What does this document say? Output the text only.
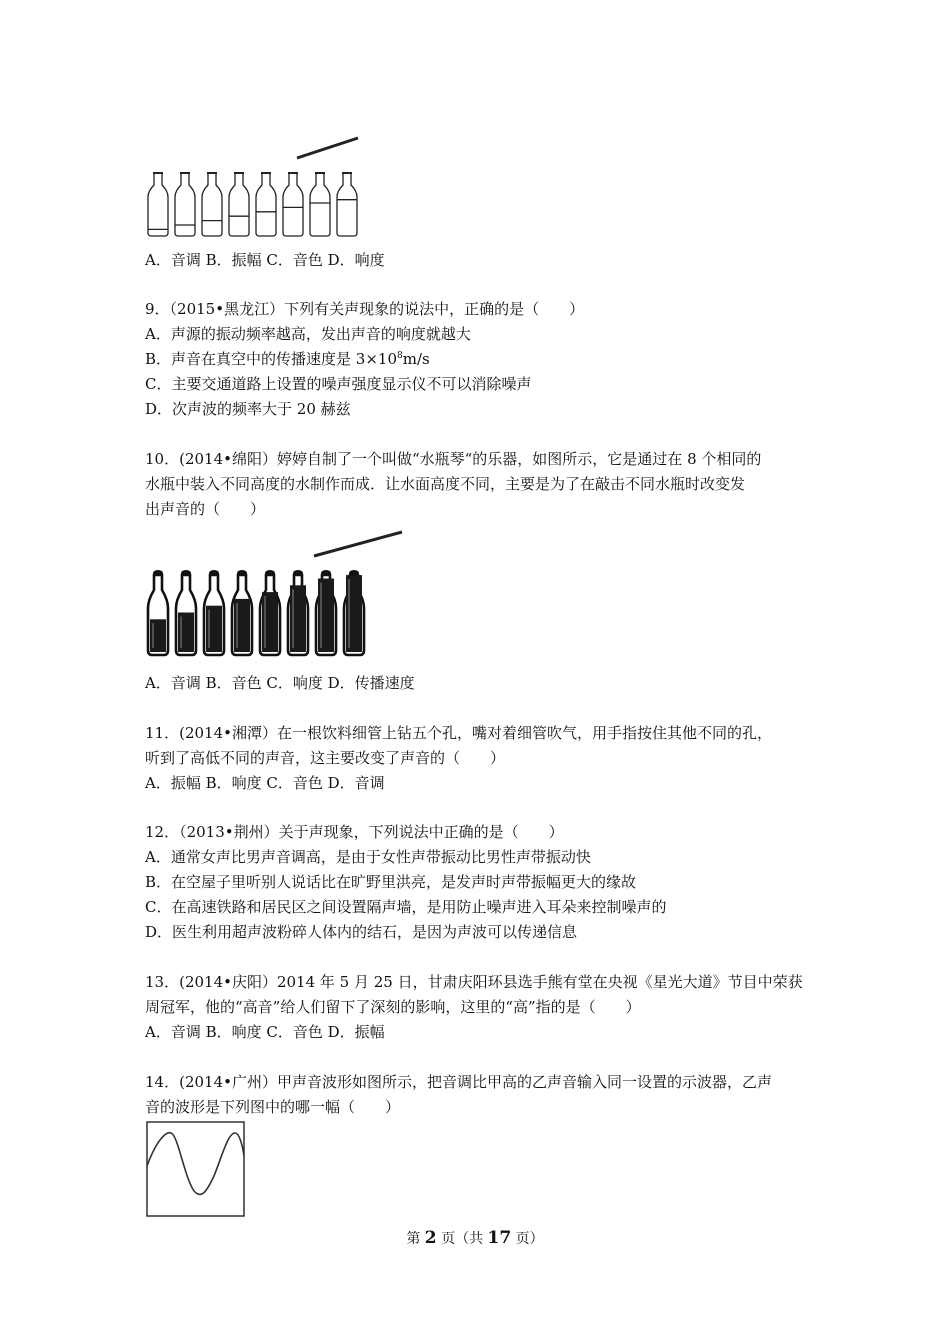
A．音调 B．振幅 C．音色 D．响度
9．（2015•黑龙江）下列有关声现象的说法中，正确的是（　　）
A．声源的振动频率越高，发出声音的响度就越大
B．声音在真空中的传播速度是 $3\times 10^8m/s$
C．主要交通道路上设置的噪声强度显示仪不可以消除噪声
D．次声波的频率大于 20 赫兹
10．(2014•绵阳）婷婷自制了一个叫做“水瓶琴“的乐器，如图所示，它是通过在 8 个相同的
水瓶中装入不同高度的水制作而成．让水面高度不同，主要是为了在敲击不同水瓶时改变发
出声音的（　　）
A．音调 B．音色 C．响度 D．传播速度
11．(2014•湘潭）在一根饮料细管上钻五个孔，嘴对着细管吹气，用手指按住其他不同的孔，
听到了高低不同的声音，这主要改变了声音的（　　）
A．振幅 B．响度 C．音色 D．音调
12．（2013•荆州）关于声现象，下列说法中正确的是（　　）
A．通常女声比男声音调高，是由于女性声带振动比男性声带振动快
B．在空屋子里听别人说话比在旷野里洪亮，是发声时声带振幅更大的缘故
C．在高速铁路和居民区之间设置隔声墙，是用防止噪声进入耳朵来控制噪声的
D．医生利用超声波粉碎人体内的结石，是因为声波可以传递信息
13．(2014•庆阳）2014 年 5 月 25 日，甘肃庆阳环县选手熊有堂在央视《星光大道》节目中荣获
周冠军，他的“高音”给人们留下了深刻的影响，这里的“高”指的是（　　）
A．音调 B．响度 C．音色 D．振幅
14．(2014•广州）甲声音波形如图所示，把音调比甲高的乙声音输入同一设置的示波器，乙声
音的波形是下列图中的哪一幅（　　）
第 2 页（共 17 页）
